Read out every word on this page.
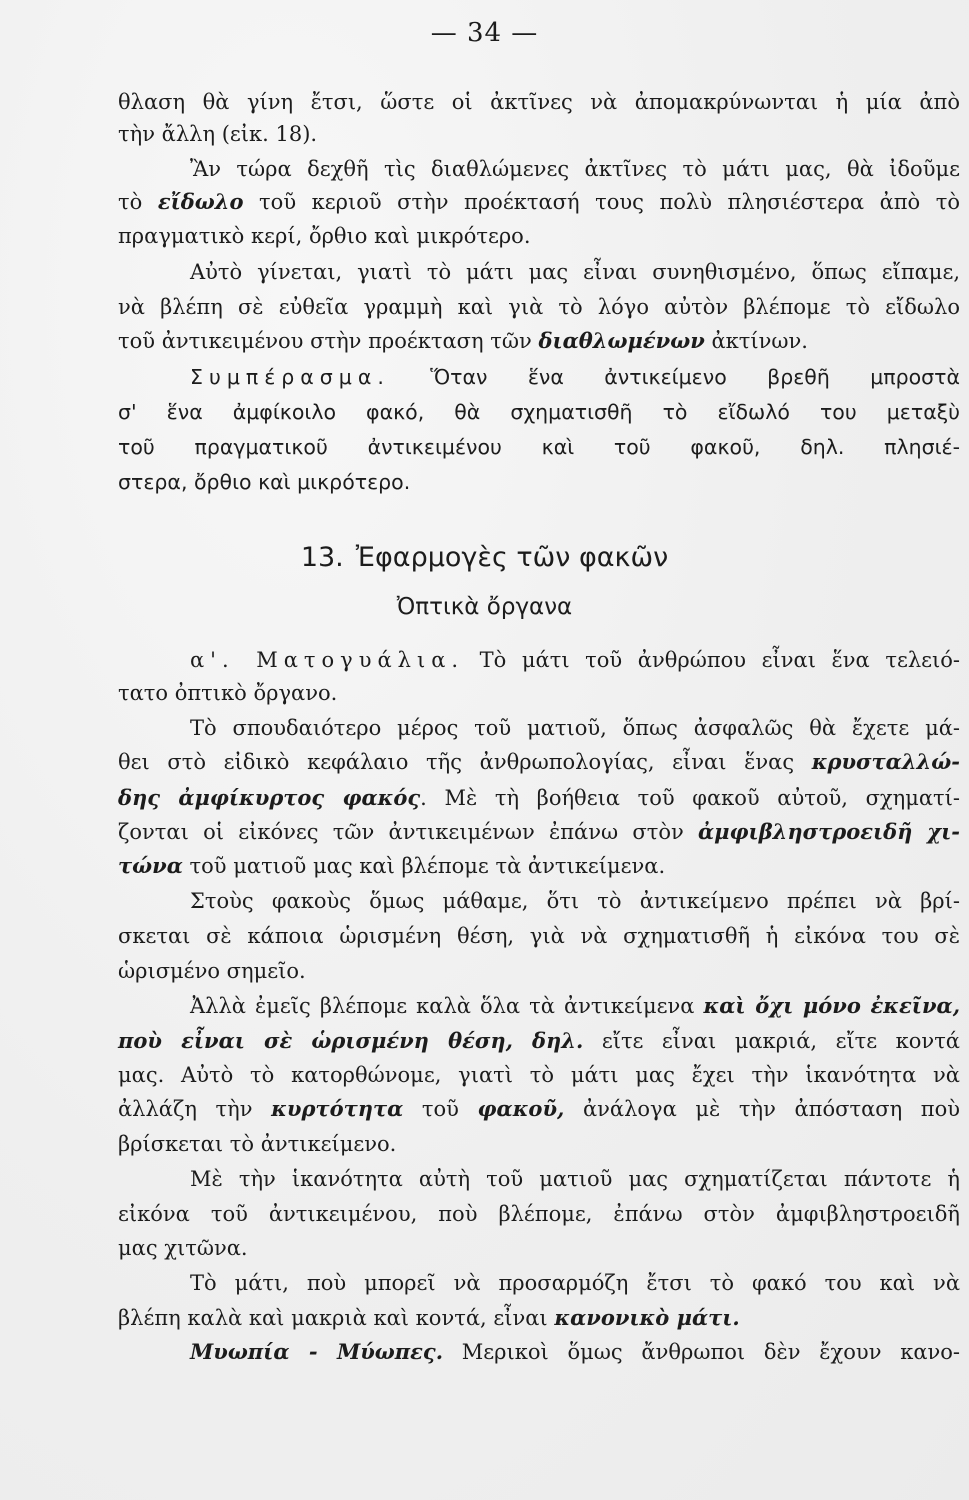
— 34 —
θλαση θὰ γίνη ἔτσι, ὥστε οἱ ἀκτῖνες νὰ ἀπομακρύνωνται ἡ μία ἀπὸ
τὴν ἄλλη (εἰκ. 18).
Ἂν τώρα δεχθῆ τὶς διαθλώμενες ἀκτῖνες τὸ μάτι μας, θὰ ἰδοῦμε
τὸ εἴδωλο τοῦ κεριοῦ στὴν προέκτασή τους πολὺ πλησιέστερα ἀπὸ τὸ
πραγματικὸ κερί, ὄρθιο καὶ μικρότερο.
Αὐτὸ γίνεται, γιατὶ τὸ μάτι μας εἶναι συνηθισμένο, ὅπως εἴπαμε,
νὰ βλέπη σὲ εὐθεῖα γραμμὴ καὶ γιὰ τὸ λόγο αὐτὸν βλέπομε τὸ εἴδωλο
τοῦ ἀντικειμένου στὴν προέκταση τῶν διαθλωμένων ἀκτίνων.
Συμπέρασμα. Ὅταν ἕνα ἀντικείμενο βρεθῆ μπροστὰ
σ' ἕνα ἀμφίκοιλο φακό, θὰ σχηματισθῆ τὸ εἴδωλό του μεταξὺ
τοῦ πραγματικοῦ ἀντικειμένου καὶ τοῦ φακοῦ, δηλ. πλησιέ-
στερα, ὄρθιο καὶ μικρότερο.
13. Ἐφαρμογὲς τῶν φακῶν
Ὀπτικὰ ὄργανα
α'. Ματογυάλια. Τὸ μάτι τοῦ ἀνθρώπου εἶναι ἕνα τελειό-
τατο ὀπτικὸ ὄργανο.
Τὸ σπουδαιότερο μέρος τοῦ ματιοῦ, ὅπως ἀσφαλῶς θὰ ἔχετε μά-
θει στὸ εἰδικὸ κεφάλαιο τῆς ἀνθρωπολογίας, εἶναι ἕνας κρυσταλλώ-
δης ἀμφίκυρτος φακός. Μὲ τὴ βοήθεια τοῦ φακοῦ αὐτοῦ, σχηματί-
ζονται οἱ εἰκόνες τῶν ἀντικειμένων ἐπάνω στὸν ἀμφιβληστροειδῆ χι-
τώνα τοῦ ματιοῦ μας καὶ βλέπομε τὰ ἀντικείμενα.
Στοὺς φακοὺς ὅμως μάθαμε, ὅτι τὸ ἀντικείμενο πρέπει νὰ βρί-
σκεται σὲ κάποια ὡρισμένη θέση, γιὰ νὰ σχηματισθῆ ἡ εἰκόνα του σὲ
ὡρισμένο σημεῖο.
Ἀλλὰ ἐμεῖς βλέπομε καλὰ ὅλα τὰ ἀντικείμενα καὶ ὄχι μόνο ἐκεῖνα,
ποὺ εἶναι σὲ ὡρισμένη θέση, δηλ. εἴτε εἶναι μακριά, εἴτε κοντά
μας. Αὐτὸ τὸ κατορθώνομε, γιατὶ τὸ μάτι μας ἔχει τὴν ἱκανότητα νὰ
ἀλλάζη τὴν κυρτότητα τοῦ φακοῦ, ἀνάλογα μὲ τὴν ἀπόσταση ποὺ
βρίσκεται τὸ ἀντικείμενο.
Μὲ τὴν ἱκανότητα αὐτὴ τοῦ ματιοῦ μας σχηματίζεται πάντοτε ἡ
εἰκόνα τοῦ ἀντικειμένου, ποὺ βλέπομε, ἐπάνω στὸν ἀμφιβληστροειδῆ
μας χιτῶνα.
Τὸ μάτι, ποὺ μπορεῖ νὰ προσαρμόζη ἔτσι τὸ φακό του καὶ νὰ
βλέπη καλὰ καὶ μακριὰ καὶ κοντά, εἶναι κανονικὸ μάτι.
Μυωπία - Μύωπες. Μερικοὶ ὅμως ἄνθρωποι δὲν ἔχουν κανο-
